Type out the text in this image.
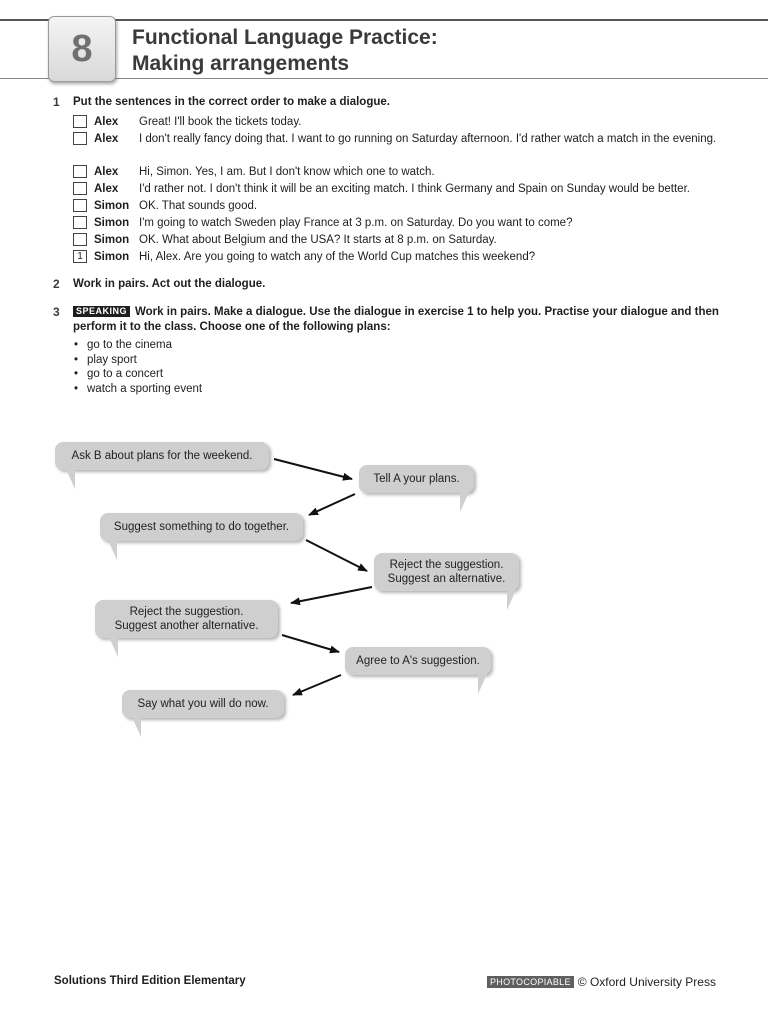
8	Functional Language Practice:
Making arrangements
1 Put the sentences in the correct order to make a dialogue.
Alex Great! I'll book the tickets today.
Alex I don't really fancy doing that. I want to go running on Saturday afternoon. I'd rather watch a match in the evening.
Alex Hi, Simon. Yes, I am. But I don't know which one to watch.
Alex I'd rather not. I don't think it will be an exciting match. I think Germany and Spain on Sunday would be better.
Simon OK. That sounds good.
Simon I'm going to watch Sweden play France at 3 p.m. on Saturday. Do you want to come?
Simon OK. What about Belgium and the USA? It starts at 8 p.m. on Saturday.
1 Simon Hi, Alex. Are you going to watch any of the World Cup matches this weekend?
2 Work in pairs. Act out the dialogue.
3	SPEAKING Work in pairs. Make a dialogue. Use the dialogue in exercise 1 to help you. Practise your dialogue and then perform it to the class. Choose one of the following plans:
• go to the cinema
• play sport
• go to a concert
• watch a sporting event
Ask B about plans for the weekend.
Tell A your plans.
Suggest something to do together.
Reject the suggestion.
Suggest an alternative.
Reject the suggestion.
Suggest another alternative.
Agree to A's suggestion.
Say what you will do now.
Solutions Third Edition Elementary	PHOTOCOPIABLE © Oxford University Press
